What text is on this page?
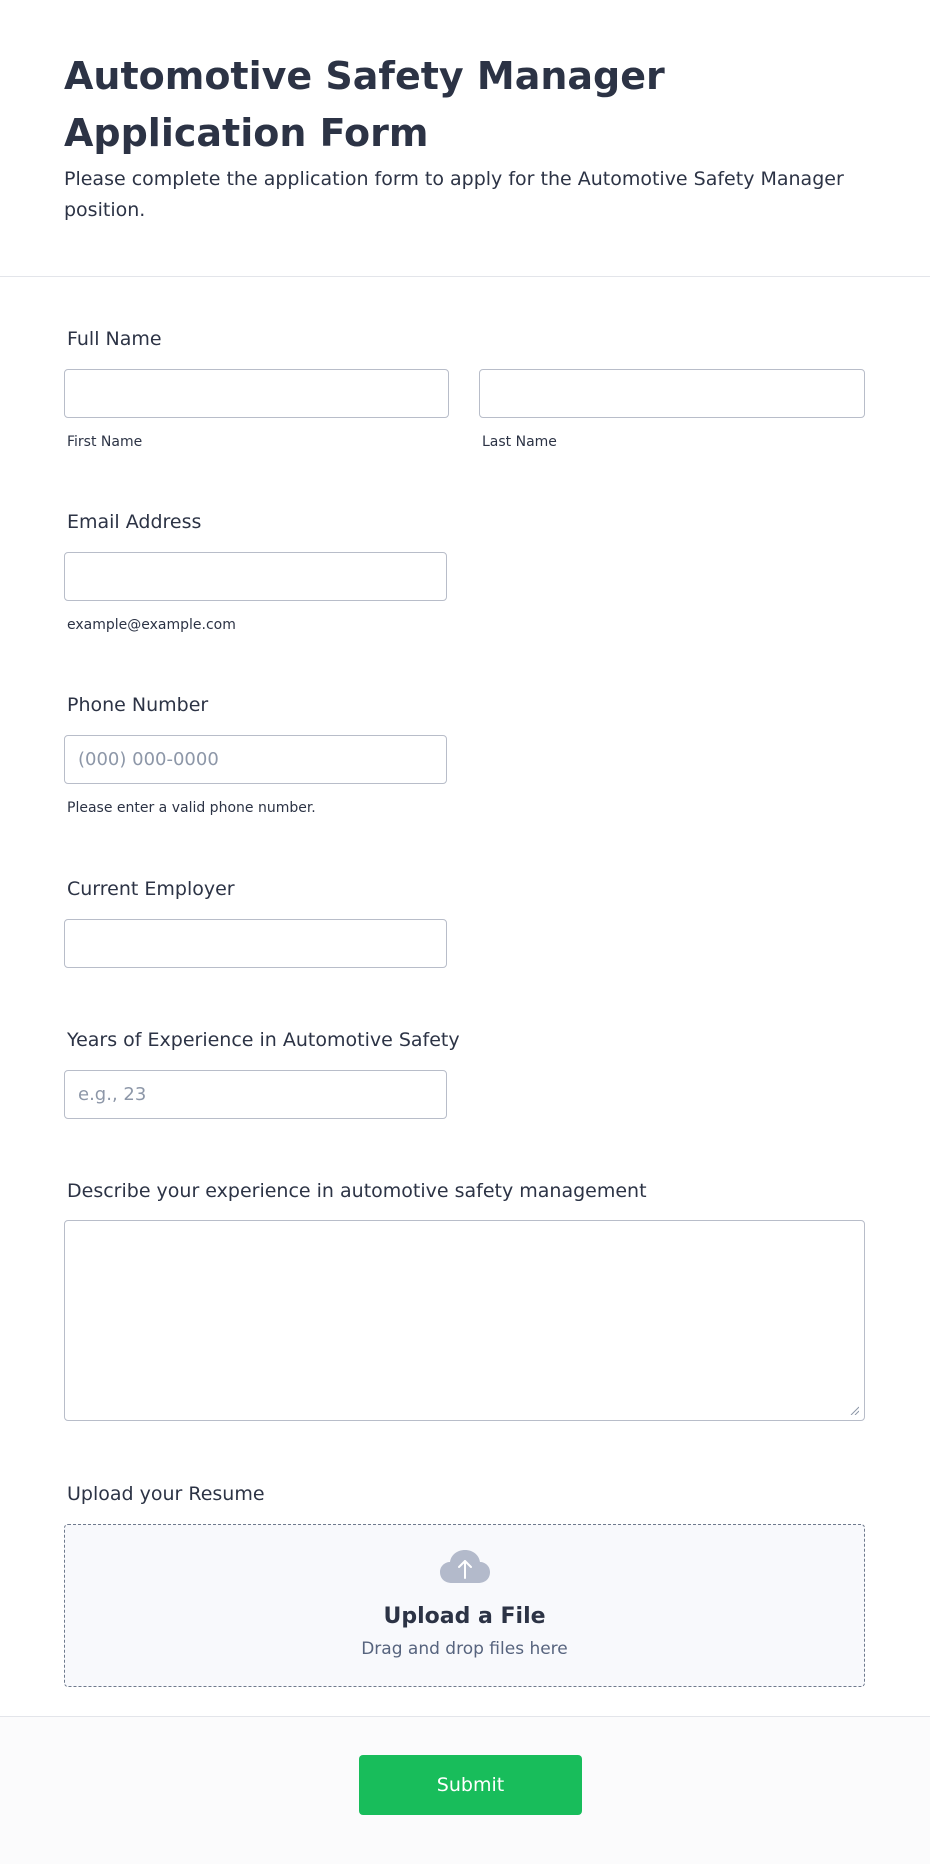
Automotive Safety Manager Application Form

Please complete the application form to apply for the Automotive Safety Manager position.

Full Name

First Name	Last Name

Email Address

example@example.com

Phone Number

(000) 000-0000

Please enter a valid phone number.

Current Employer

Years of Experience in Automotive Safety

e.g., 23

Describe your experience in automotive safety management

Upload your Resume

Upload a File

Drag and drop files here

Submit
